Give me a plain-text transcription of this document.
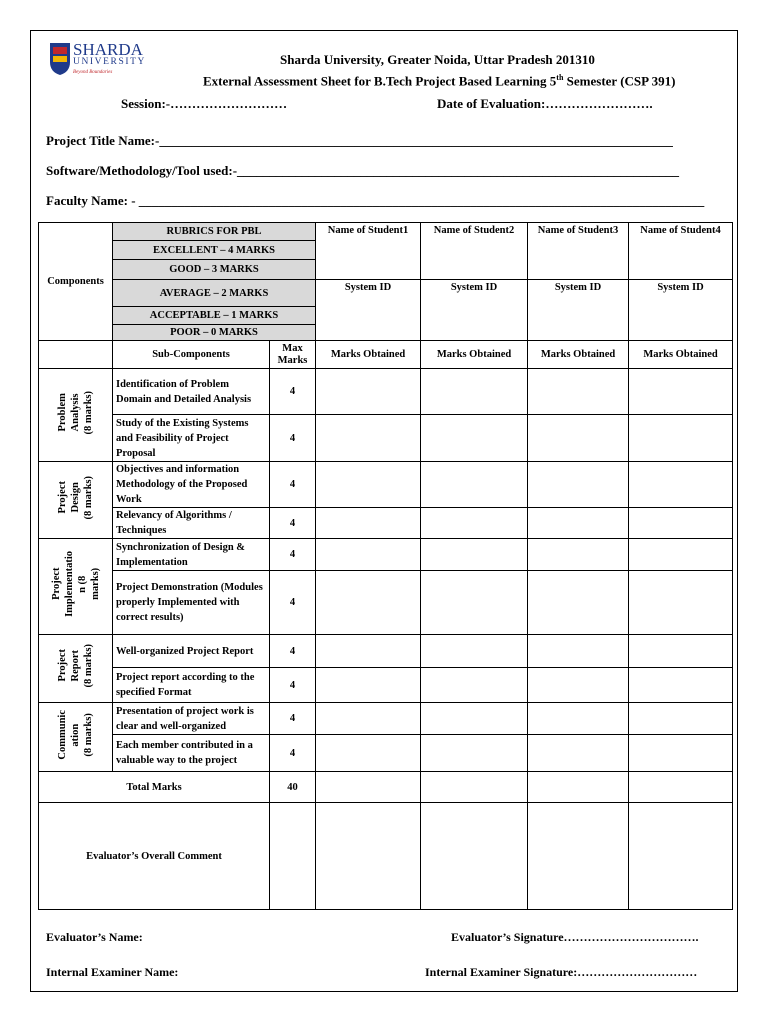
SHARDA
UNIVERSITY
Beyond Boundaries
Sharda University, Greater Noida, Uttar Pradesh 201310
External Assessment Sheet for B.Tech Project Based Learning 5th Semester (CSP 391)
Session:-………………………	Date of Evaluation:…………………….
Project Title Name:-_______________________________________________________________________________
Software/Methodology/Tool used:-____________________________________________________________________
Faculty Name: - _______________________________________________________________________________________
Components	RUBRICS FOR PBL		Name of Student1	Name of Student2	Name of Student3	Name of Student4
	EXCELLENT – 4 MARKS					
	GOOD – 3 MARKS					
	AVERAGE – 2 MARKS		System ID	System ID	System ID	System ID
	ACCEPTABLE – 1 MARKS					
	POOR – 0 MARKS					
	Sub-Components	Max Marks	Marks Obtained	Marks Obtained	Marks Obtained	Marks Obtained
Problem
Analysis
(8 marks)	Identification of Problem Domain and Detailed Analysis	4				
	Study of the Existing Systems and Feasibility of Project Proposal	4				
Project
Design
(8 marks)	Objectives and information Methodology of the Proposed Work	4				
	Relevancy of Algorithms / Techniques	4				
Project
Implementatio
n (8
marks)	Synchronization of Design & Implementation	4				
	Project Demonstration (Modules properly Implemented with correct results)	4				
Project
Report
(8 marks)	Well-organized Project Report	4				
	Project report according to the specified Format	4				
Communic
ation
(8 marks)	Presentation of project work is clear and well-organized	4				
	Each member contributed in a valuable way to the project	4				
Total Marks		40				
Evaluator’s Overall Comment						
Evaluator’s Name:	Evaluator’s Signature…………………………….
Internal Examiner Name:	Internal Examiner Signature:…………………………
